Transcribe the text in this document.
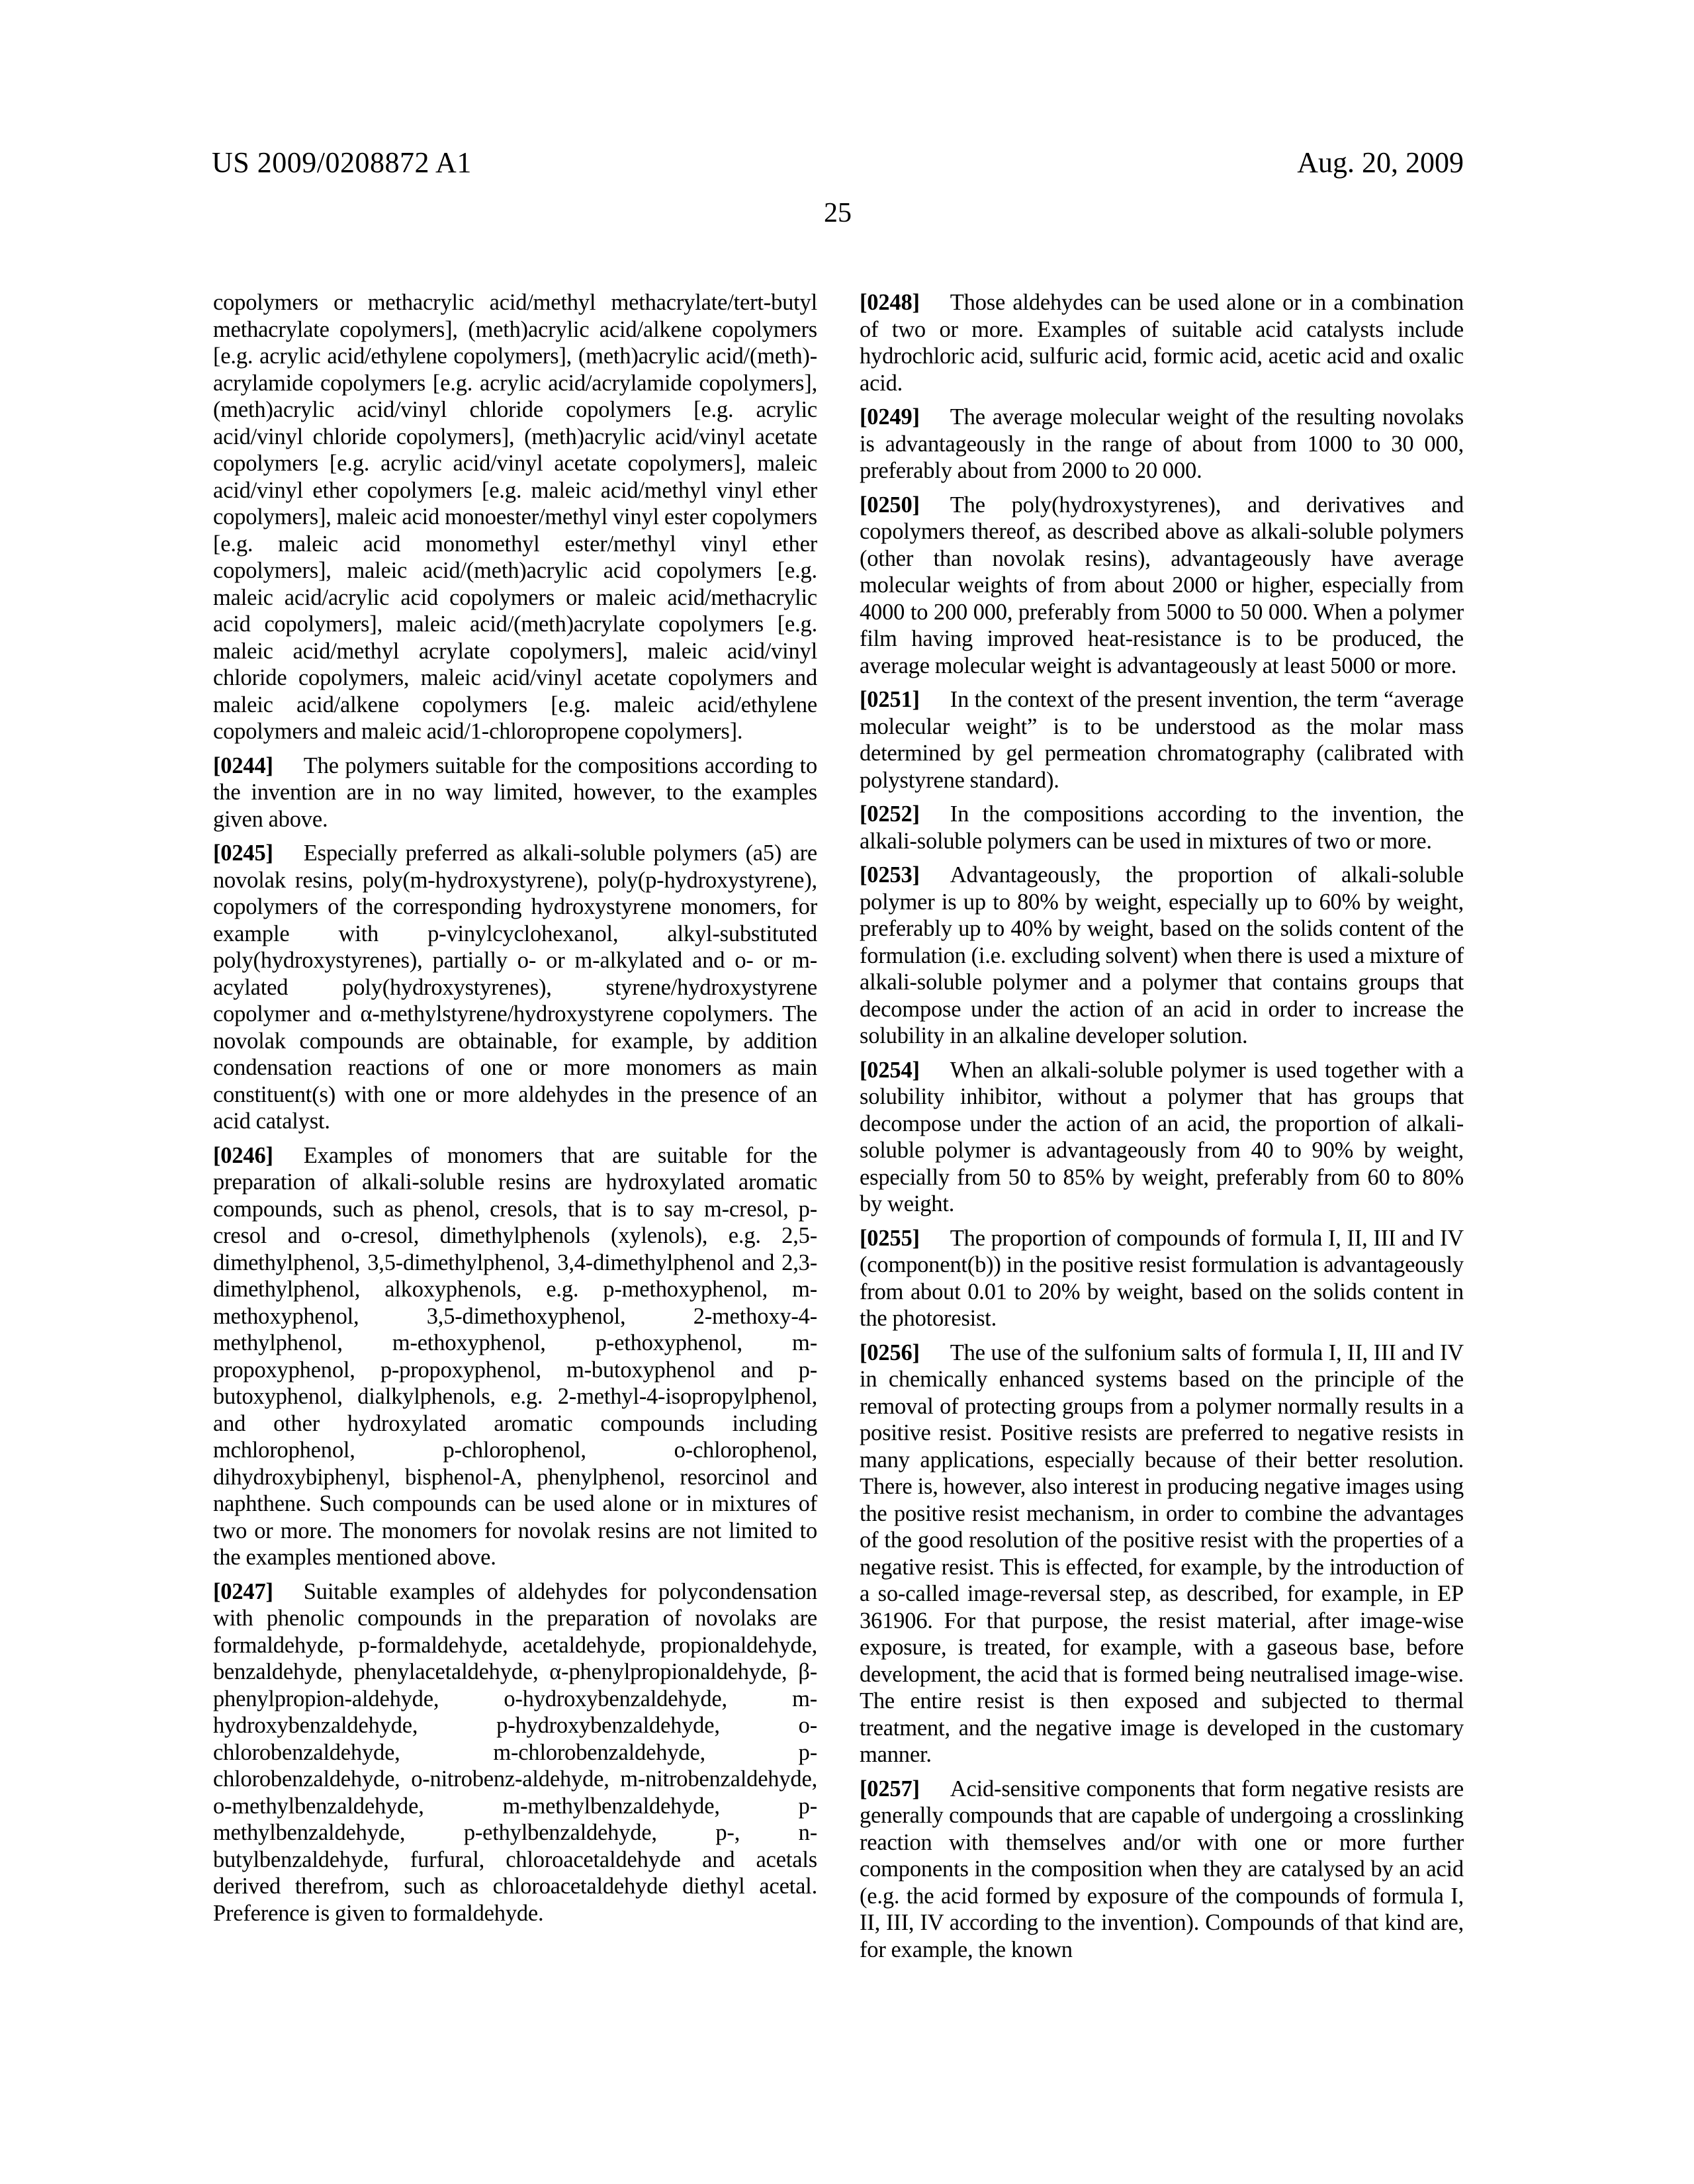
US 2009/0208872 A1	Aug. 20, 2009
25

copolymers or methacrylic acid/methyl methacrylate/tert-butyl methacrylate copolymers], (meth)acrylic acid/alkene copolymers [e.g. acrylic acid/ethylene copolymers], (meth)acrylic acid/(meth)-acrylamide copolymers [e.g. acrylic acid/acrylamide copolymers], (meth)acrylic acid/vinyl chloride copolymers [e.g. acrylic acid/vinyl chloride copolymers], (meth)acrylic acid/vinyl acetate copolymers [e.g. acrylic acid/vinyl acetate copolymers], maleic acid/vinyl ether copolymers [e.g. maleic acid/methyl vinyl ether copolymers], maleic acid monoester/methyl vinyl ester copolymers [e.g. maleic acid monomethyl ester/methyl vinyl ether copolymers], maleic acid/(meth)acrylic acid copolymers [e.g. maleic acid/acrylic acid copolymers or maleic acid/methacrylic acid copolymers], maleic acid/(meth)acrylate copolymers [e.g. maleic acid/methyl acrylate copolymers], maleic acid/vinyl chloride copolymers, maleic acid/vinyl acetate copolymers and maleic acid/alkene copolymers [e.g. maleic acid/ethylene copolymers and maleic acid/1-chloropropene copolymers].

[0244] The polymers suitable for the compositions according to the invention are in no way limited, however, to the examples given above.

[0245] Especially preferred as alkali-soluble polymers (a5) are novolak resins, poly(m-hydroxystyrene), poly(p-hydroxystyrene), copolymers of the corresponding hydroxystyrene monomers, for example with p-vinylcyclohexanol, alkyl-substituted poly(hydroxystyrenes), partially o- or m-alkylated and o- or m-acylated poly(hydroxystyrenes), styrene/hydroxystyrene copolymer and α-methylstyrene/hydroxystyrene copolymers. The novolak compounds are obtainable, for example, by addition condensation reactions of one or more monomers as main constituent(s) with one or more aldehydes in the presence of an acid catalyst.

[0246] Examples of monomers that are suitable for the preparation of alkali-soluble resins are hydroxylated aromatic compounds, such as phenol, cresols, that is to say m-cresol, p-cresol and o-cresol, dimethylphenols (xylenols), e.g. 2,5-dimethylphenol, 3,5-dimethylphenol, 3,4-dimethylphenol and 2,3-dimethylphenol, alkoxyphenols, e.g. p-methoxyphenol, m-methoxyphenol, 3,5-dimethoxyphenol, 2-methoxy-4-methylphenol, m-ethoxyphenol, p-ethoxyphenol, m-propoxyphenol, p-propoxyphenol, m-butoxyphenol and p-butoxyphenol, dialkylphenols, e.g. 2-methyl-4-isopropylphenol, and other hydroxylated aromatic compounds including mchlorophenol, p-chlorophenol, o-chlorophenol, dihydroxybiphenyl, bisphenol-A, phenylphenol, resorcinol and naphthene. Such compounds can be used alone or in mixtures of two or more. The monomers for novolak resins are not limited to the examples mentioned above.

[0247] Suitable examples of aldehydes for polycondensation with phenolic compounds in the preparation of novolaks are formaldehyde, p-formaldehyde, acetaldehyde, propionaldehyde, benzaldehyde, phenylacetaldehyde, α-phenylpropionaldehyde, β-phenylpropion-aldehyde, o-hydroxybenzaldehyde, m-hydroxybenzaldehyde, p-hydroxybenzaldehyde, o-chlorobenzaldehyde, m-chlorobenzaldehyde, p-chlorobenzaldehyde, o-nitrobenz-aldehyde, m-nitrobenzaldehyde, o-methylbenzaldehyde, m-methylbenzaldehyde, p-methylbenzaldehyde, p-ethylbenzaldehyde, p-, n-butylbenzaldehyde, furfural, chloroacetaldehyde and acetals derived therefrom, such as chloroacetaldehyde diethyl acetal. Preference is given to formaldehyde.

[0248] Those aldehydes can be used alone or in a combination of two or more. Examples of suitable acid catalysts include hydrochloric acid, sulfuric acid, formic acid, acetic acid and oxalic acid.

[0249] The average molecular weight of the resulting novolaks is advantageously in the range of about from 1000 to 30 000, preferably about from 2000 to 20 000.

[0250] The poly(hydroxystyrenes), and derivatives and copolymers thereof, as described above as alkali-soluble polymers (other than novolak resins), advantageously have average molecular weights of from about 2000 or higher, especially from 4000 to 200 000, preferably from 5000 to 50 000. When a polymer film having improved heat-resistance is to be produced, the average molecular weight is advantageously at least 5000 or more.

[0251] In the context of the present invention, the term “average molecular weight” is to be understood as the molar mass determined by gel permeation chromatography (calibrated with polystyrene standard).

[0252] In the compositions according to the invention, the alkali-soluble polymers can be used in mixtures of two or more.

[0253] Advantageously, the proportion of alkali-soluble polymer is up to 80% by weight, especially up to 60% by weight, preferably up to 40% by weight, based on the solids content of the formulation (i.e. excluding solvent) when there is used a mixture of alkali-soluble polymer and a polymer that contains groups that decompose under the action of an acid in order to increase the solubility in an alkaline developer solution.

[0254] When an alkali-soluble polymer is used together with a solubility inhibitor, without a polymer that has groups that decompose under the action of an acid, the proportion of alkali-soluble polymer is advantageously from 40 to 90% by weight, especially from 50 to 85% by weight, preferably from 60 to 80% by weight.

[0255] The proportion of compounds of formula I, II, III and IV (component(b)) in the positive resist formulation is advantageously from about 0.01 to 20% by weight, based on the solids content in the photoresist.

[0256] The use of the sulfonium salts of formula I, II, III and IV in chemically enhanced systems based on the principle of the removal of protecting groups from a polymer normally results in a positive resist. Positive resists are preferred to negative resists in many applications, especially because of their better resolution. There is, however, also interest in producing negative images using the positive resist mechanism, in order to combine the advantages of the good resolution of the positive resist with the properties of a negative resist. This is effected, for example, by the introduction of a so-called image-reversal step, as described, for example, in EP 361906. For that purpose, the resist material, after image-wise exposure, is treated, for example, with a gaseous base, before development, the acid that is formed being neutralised image-wise. The entire resist is then exposed and subjected to thermal treatment, and the negative image is developed in the customary manner.

[0257] Acid-sensitive components that form negative resists are generally compounds that are capable of undergoing a crosslinking reaction with themselves and/or with one or more further components in the composition when they are catalysed by an acid (e.g. the acid formed by exposure of the compounds of formula I, II, III, IV according to the invention). Compounds of that kind are, for example, the known
